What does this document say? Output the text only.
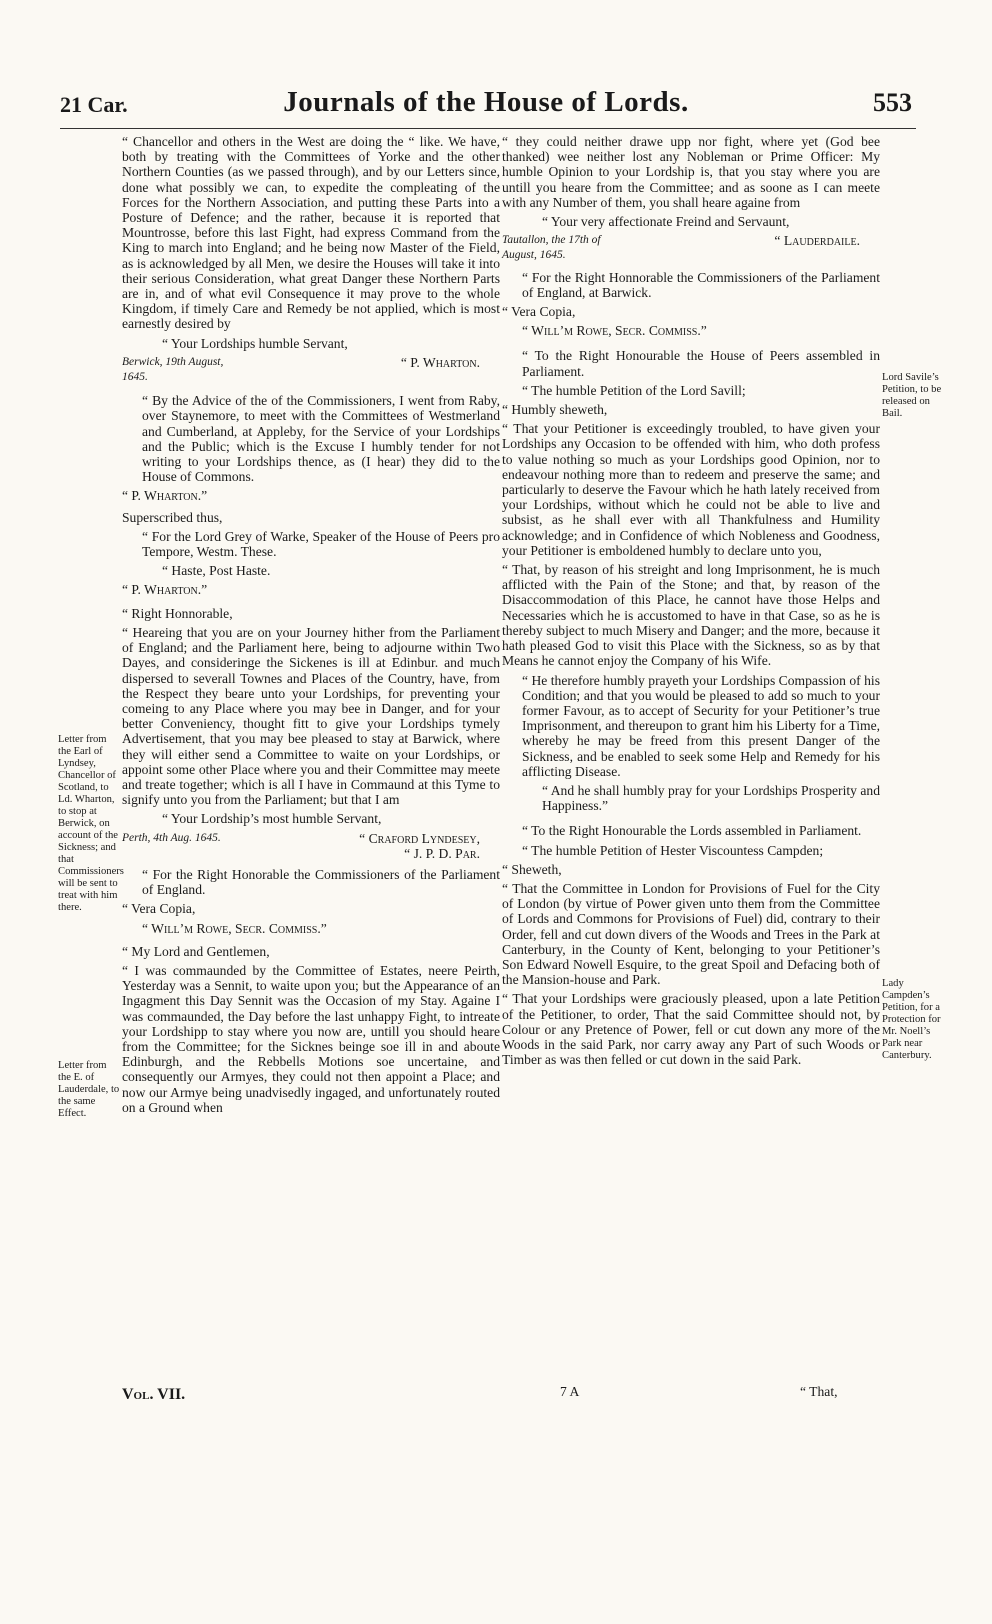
21 Car.	Journals of the House of Lords.	553

“ Chancellor and others in the West are doing the “ like. We have, both by treating with the Committees of Yorke and the other Northern Counties (as we passed through), and by our Letters since, done what possibly we can, to expedite the compleating of the Forces for the Northern Association, and putting these Parts into a Posture of Defence; and the rather, because it is reported that Mountrosse, before this last Fight, had express Command from the King to march into England; and he being now Master of the Field, as is acknowledged by all Men, we desire the Houses will take it into their serious Consideration, what great Danger these Northern Parts are in, and of what evil Consequence it may prove to the whole Kingdom, if timely Care and Remedy be not applied, which is most earnestly desired by

“ Your Lordships humble Servant,

Berwick, 19th August, 1645.
“ P. Wharton.

“ By the Advice of the of the Commissioners, I went from Raby, over Staynemore, to meet with the Committees of Westmerland and Cumberland, at Appleby, for the Service of your Lordships and the Public; which is the Excuse I humbly tender for not writing to your Lordships thence, as (I hear) they did to the House of Commons.

“ P. Wharton.”

Superscribed thus,

“ For the Lord Grey of Warke, Speaker of the House of Peers pro Tempore, Westm. These.

“ Haste, Post Haste.

“ P. Wharton.”

“ Right Honnorable,

“ Heareing that you are on your Journey hither from the Parliament of England; and the Parliament here, being to adjourne within Two Dayes, and consideringe the Sickenes is ill at Edinbur. and much dispersed to severall Townes and Places of the Country, have, from the Respect they beare unto your Lordships, for preventing your comeing to any Place where you may bee in Danger, and for your better Conveniency, thought fitt to give your Lordships tymely Advertisement, that you may bee pleased to stay at Barwick, where they will either send a Committee to waite on your Lordships, or appoint some other Place where you and their Committee may meete and treate together; which is all I have in Commaund at this Tyme to signify unto you from the Parliament; but that I am

“ Your Lordship’s most humble Servant,

Perth, 4th Aug. 1645.	“ Craford Lyndesey,
“ J. P. D. Par.

“ For the Right Honorable the Commissioners of the Parliament of England.

“ Vera Copia,

“ Will’m Rowe, Secr. Commiss.”

“ My Lord and Gentlemen,

“ I was commaunded by the Committee of Estates, neere Peirth, Yesterday was a Sennit, to waite upon you; but the Appearance of an Ingagment this Day Sennit was the Occasion of my Stay. Againe I was commaunded, the Day before the last unhappy Fight, to intreate your Lordshipp to stay where you now are, untill you should heare from the Committee; for the Sicknes beinge soe ill in and aboute Edinburgh, and the Rebbells Motions soe uncertaine, and consequently our Armyes, they could not then appoint a Place; and now our Armye being unadvisedly ingaged, and unfortunately routed on a Ground when

“ they could neither drawe upp nor fight, where yet (God bee thanked) wee neither lost any Nobleman or Prime Officer: My humble Opinion to your Lordship is, that you stay where you are untill you heare from the Committee; and as soone as I can meete with any Number of them, you shall heare againe from

“ Your very affectionate Freind and Servaunt,

Tautallon, the 17th of August, 1645.
“ Lauderdaile.

“ For the Right Honnorable the Commissioners of the Parliament of England, at Barwick.

“ Vera Copia,

“ Will’m Rowe, Secr. Commiss.”

“ To the Right Honourable the House of Peers assembled in Parliament.

“ The humble Petition of the Lord Savill;

“ Humbly sheweth,

“ That your Petitioner is exceedingly troubled, to have given your Lordships any Occasion to be offended with him, who doth profess to value nothing so much as your Lordships good Opinion, nor to endeavour nothing more than to redeem and preserve the same; and particularly to deserve the Favour which he hath lately received from your Lordships, without which he could not be able to live and subsist, as he shall ever with all Thankfulness and Humility acknowledge; and in Confidence of which Nobleness and Goodness, your Petitioner is emboldened humbly to declare unto you,

“ That, by reason of his streight and long Imprisonment, he is much afflicted with the Pain of the Stone; and that, by reason of the Disaccommodation of this Place, he cannot have those Helps and Necessaries which he is accustomed to have in that Case, so as he is thereby subject to much Misery and Danger; and the more, because it hath pleased God to visit this Place with the Sickness, so as by that Means he cannot enjoy the Company of his Wife.

“ He therefore humbly prayeth your Lordships Compassion of his Condition; and that you would be pleased to add so much to your former Favour, as to accept of Security for your Petitioner’s true Imprisonment, and thereupon to grant him his Liberty for a Time, whereby he may be freed from this present Danger of the Sickness, and be enabled to seek some Help and Remedy for his afflicting Disease.

“ And he shall humbly pray for your Lordships Prosperity and Happiness.”

“ To the Right Honourable the Lords assembled in Parliament.

“ The humble Petition of Hester Viscountess Campden;

“ Sheweth,

“ That the Committee in London for Provisions of Fuel for the City of London (by virtue of Power given unto them from the Committee of Lords and Commons for Provisions of Fuel) did, contrary to their Order, fell and cut down divers of the Woods and Trees in the Park at Canterbury, in the County of Kent, belonging to your Petitioner’s Son Edward Nowell Esquire, to the great Spoil and Defacing both of the Mansion-house and Park.

“ That your Lordships were graciously pleased, upon a late Petition of the Petitioner, to order, That the said Committee should not, by Colour or any Pretence of Power, fell or cut down any more of the Woods in the said Park, nor carry away any Part of such Woods or Timber as was then felled or cut down in the said Park.

Letter from the Earl of Lyndsey, Chancellor of Scotland, to Ld. Wharton, to stop at Berwick, on account of the Sickness; and that Commissioners will be sent to treat with him there.
Letter from the E. of Lauderdale, to the same Effect.
Lord Savile’s Petition, to be released on Bail.
Lady Campden’s Petition, for a Protection for Mr. Noell’s Park near Canterbury.
Vol. VII.	7 A	“ That,
